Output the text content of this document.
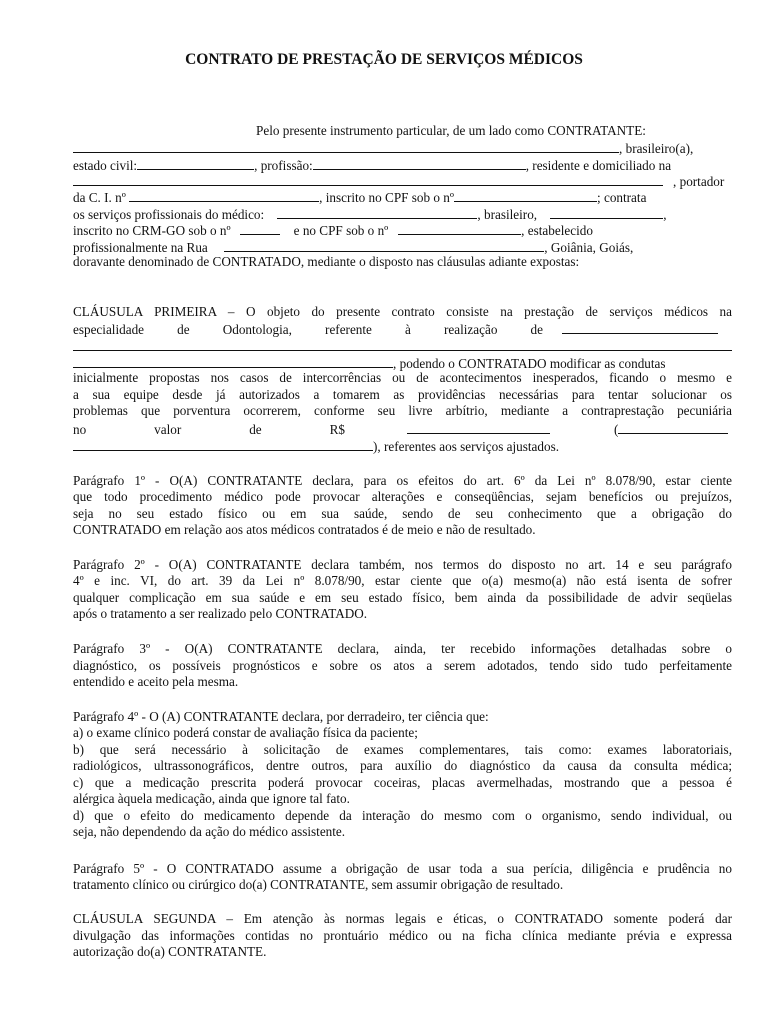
CONTRATO DE PRESTAÇÃO DE SERVIÇOS MÉDICOS
Pelo presente instrumento particular, de um lado como CONTRATANTE:
, brasileiro(a),
estado civil:	, profissão:	, residente e domiciliado na
, portador
da C. I. nº	, inscrito no CPF sob o nº	; contrata
os serviços profissionais do médico:	, brasileiro,	,
inscrito no CRM-GO sob o nº	e no CPF sob o nº	, estabelecido
profissionalmente na Rua	, Goiânia, Goiás,
doravante denominado de CONTRATADO, mediante o disposto nas cláusulas adiante expostas:
CLÁUSULA PRIMEIRA – O objeto do presente contrato consiste na prestação de serviços médicos na
especialidade de Odontologia, referente à realização de
, podendo o CONTRATADO modificar as condutas
inicialmente propostas nos casos de intercorrências ou de acontecimentos inesperados, ficando o mesmo e
a sua equipe desde já autorizados a tomarem as providências necessárias para tentar solucionar os
problemas que porventura ocorrerem, conforme seu livre arbítrio, mediante a contraprestação pecuniária
no valor de R$	(
), referentes aos serviços ajustados.
Parágrafo 1º - O(A) CONTRATANTE declara, para os efeitos do art. 6º da Lei nº 8.078/90, estar ciente
que todo procedimento médico pode provocar alterações e conseqüências, sejam benefícios ou prejuízos,
seja no seu estado físico ou em sua saúde, sendo de seu conhecimento que a obrigação do
CONTRATADO em relação aos atos médicos contratados é de meio e não de resultado.
Parágrafo 2º - O(A) CONTRATANTE declara também, nos termos do disposto no art. 14 e seu parágrafo
4º e inc. VI, do art. 39 da Lei nº 8.078/90, estar ciente que o(a) mesmo(a) não está isenta de sofrer
qualquer complicação em sua saúde e em seu estado físico, bem ainda da possibilidade de advir seqüelas
após o tratamento a ser realizado pelo CONTRATADO.
Parágrafo 3º - O(A) CONTRATANTE declara, ainda, ter recebido informações detalhadas sobre o
diagnóstico, os possíveis prognósticos e sobre os atos a serem adotados, tendo sido tudo perfeitamente
entendido e aceito pela mesma.
Parágrafo 4º - O (A) CONTRATANTE declara, por derradeiro, ter ciência que:
a) o exame clínico poderá constar de avaliação física da paciente;
b) que será necessário à solicitação de exames complementares, tais como: exames laboratoriais,
radiológicos, ultrassonográficos, dentre outros, para auxílio do diagnóstico da causa da consulta médica;
c) que a medicação prescrita poderá provocar coceiras, placas avermelhadas, mostrando que a pessoa é
alérgica àquela medicação, ainda que ignore tal fato.
d) que o efeito do medicamento depende da interação do mesmo com o organismo, sendo individual, ou
seja, não dependendo da ação do médico assistente.
Parágrafo 5º - O CONTRATADO assume a obrigação de usar toda a sua perícia, diligência e prudência no
tratamento clínico ou cirúrgico do(a) CONTRATANTE, sem assumir obrigação de resultado.
CLÁUSULA SEGUNDA – Em atenção às normas legais e éticas, o CONTRATADO somente poderá dar
divulgação das informações contidas no prontuário médico ou na ficha clínica mediante prévia e expressa
autorização do(a) CONTRATANTE.
